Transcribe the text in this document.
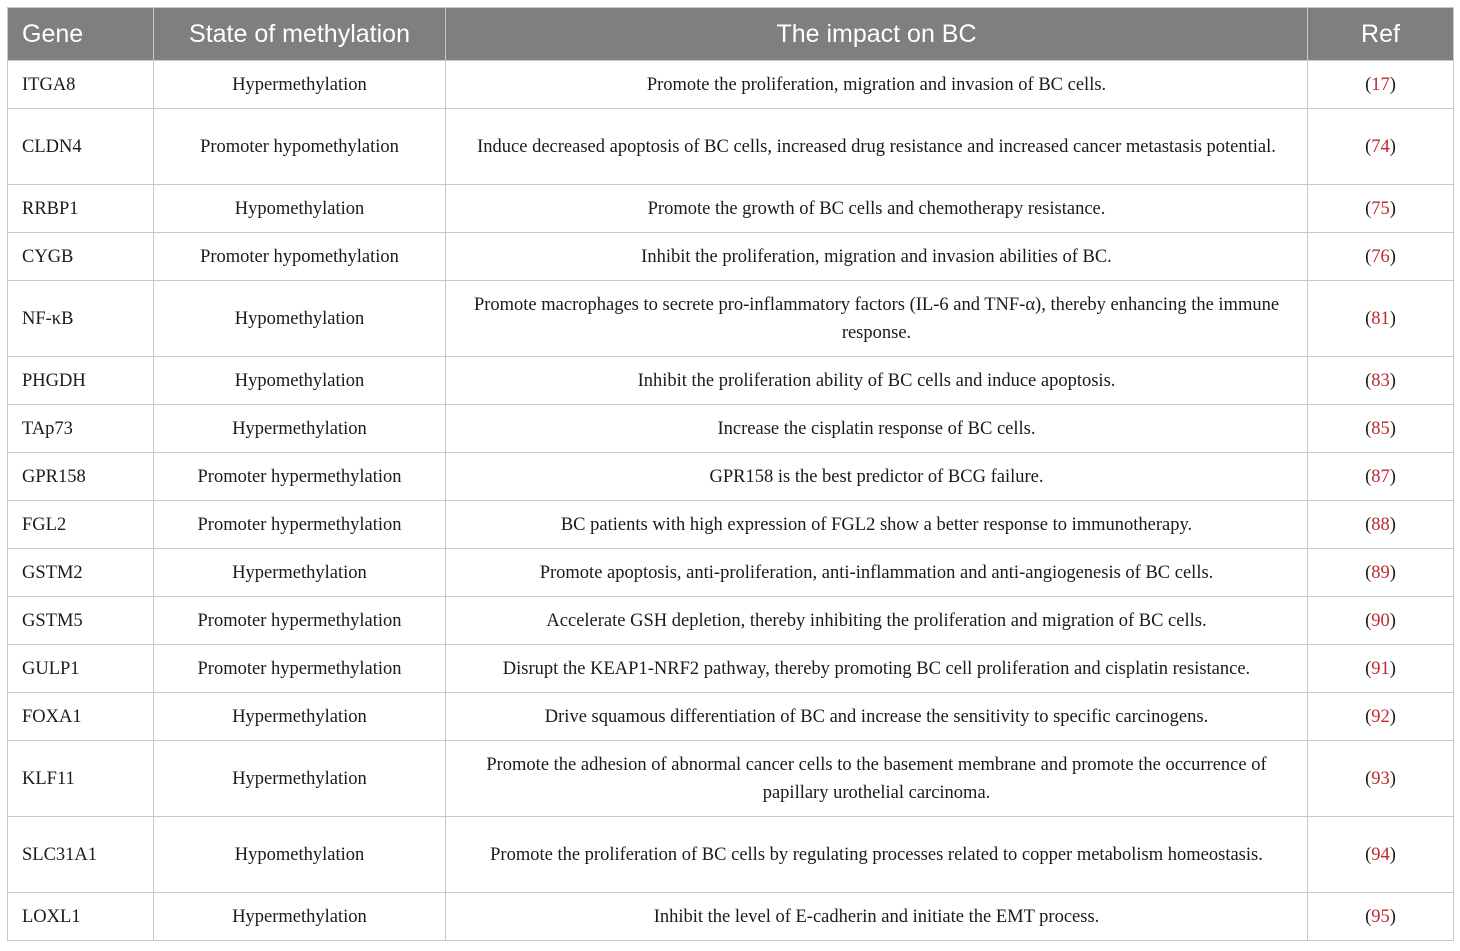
Gene	State of methylation	The impact on BC	Ref
ITGA8	Hypermethylation	Promote the proliferation, migration and invasion of BC cells.	(17)
CLDN4	Promoter hypomethylation	Induce decreased apoptosis of BC cells, increased drug resistance and increased cancer metastasis potential.	(74)
RRBP1	Hypomethylation	Promote the growth of BC cells and chemotherapy resistance.	(75)
CYGB	Promoter hypomethylation	Inhibit the proliferation, migration and invasion abilities of BC.	(76)
NF-κB	Hypomethylation	Promote macrophages to secrete pro-inflammatory factors (IL-6 and TNF-α), thereby enhancing the immune response.	(81)
PHGDH	Hypomethylation	Inhibit the proliferation ability of BC cells and induce apoptosis.	(83)
TAp73	Hypermethylation	Increase the cisplatin response of BC cells.	(85)
GPR158	Promoter hypermethylation	GPR158 is the best predictor of BCG failure.	(87)
FGL2	Promoter hypermethylation	BC patients with high expression of FGL2 show a better response to immunotherapy.	(88)
GSTM2	Hypermethylation	Promote apoptosis, anti-proliferation, anti-inflammation and anti-angiogenesis of BC cells.	(89)
GSTM5	Promoter hypermethylation	Accelerate GSH depletion, thereby inhibiting the proliferation and migration of BC cells.	(90)
GULP1	Promoter hypermethylation	Disrupt the KEAP1-NRF2 pathway, thereby promoting BC cell proliferation and cisplatin resistance.	(91)
FOXA1	Hypermethylation	Drive squamous differentiation of BC and increase the sensitivity to specific carcinogens.	(92)
KLF11	Hypermethylation	Promote the adhesion of abnormal cancer cells to the basement membrane and promote the occurrence of papillary urothelial carcinoma.	(93)
SLC31A1	Hypomethylation	Promote the proliferation of BC cells by regulating processes related to copper metabolism homeostasis.	(94)
LOXL1	Hypermethylation	Inhibit the level of E-cadherin and initiate the EMT process.	(95)
